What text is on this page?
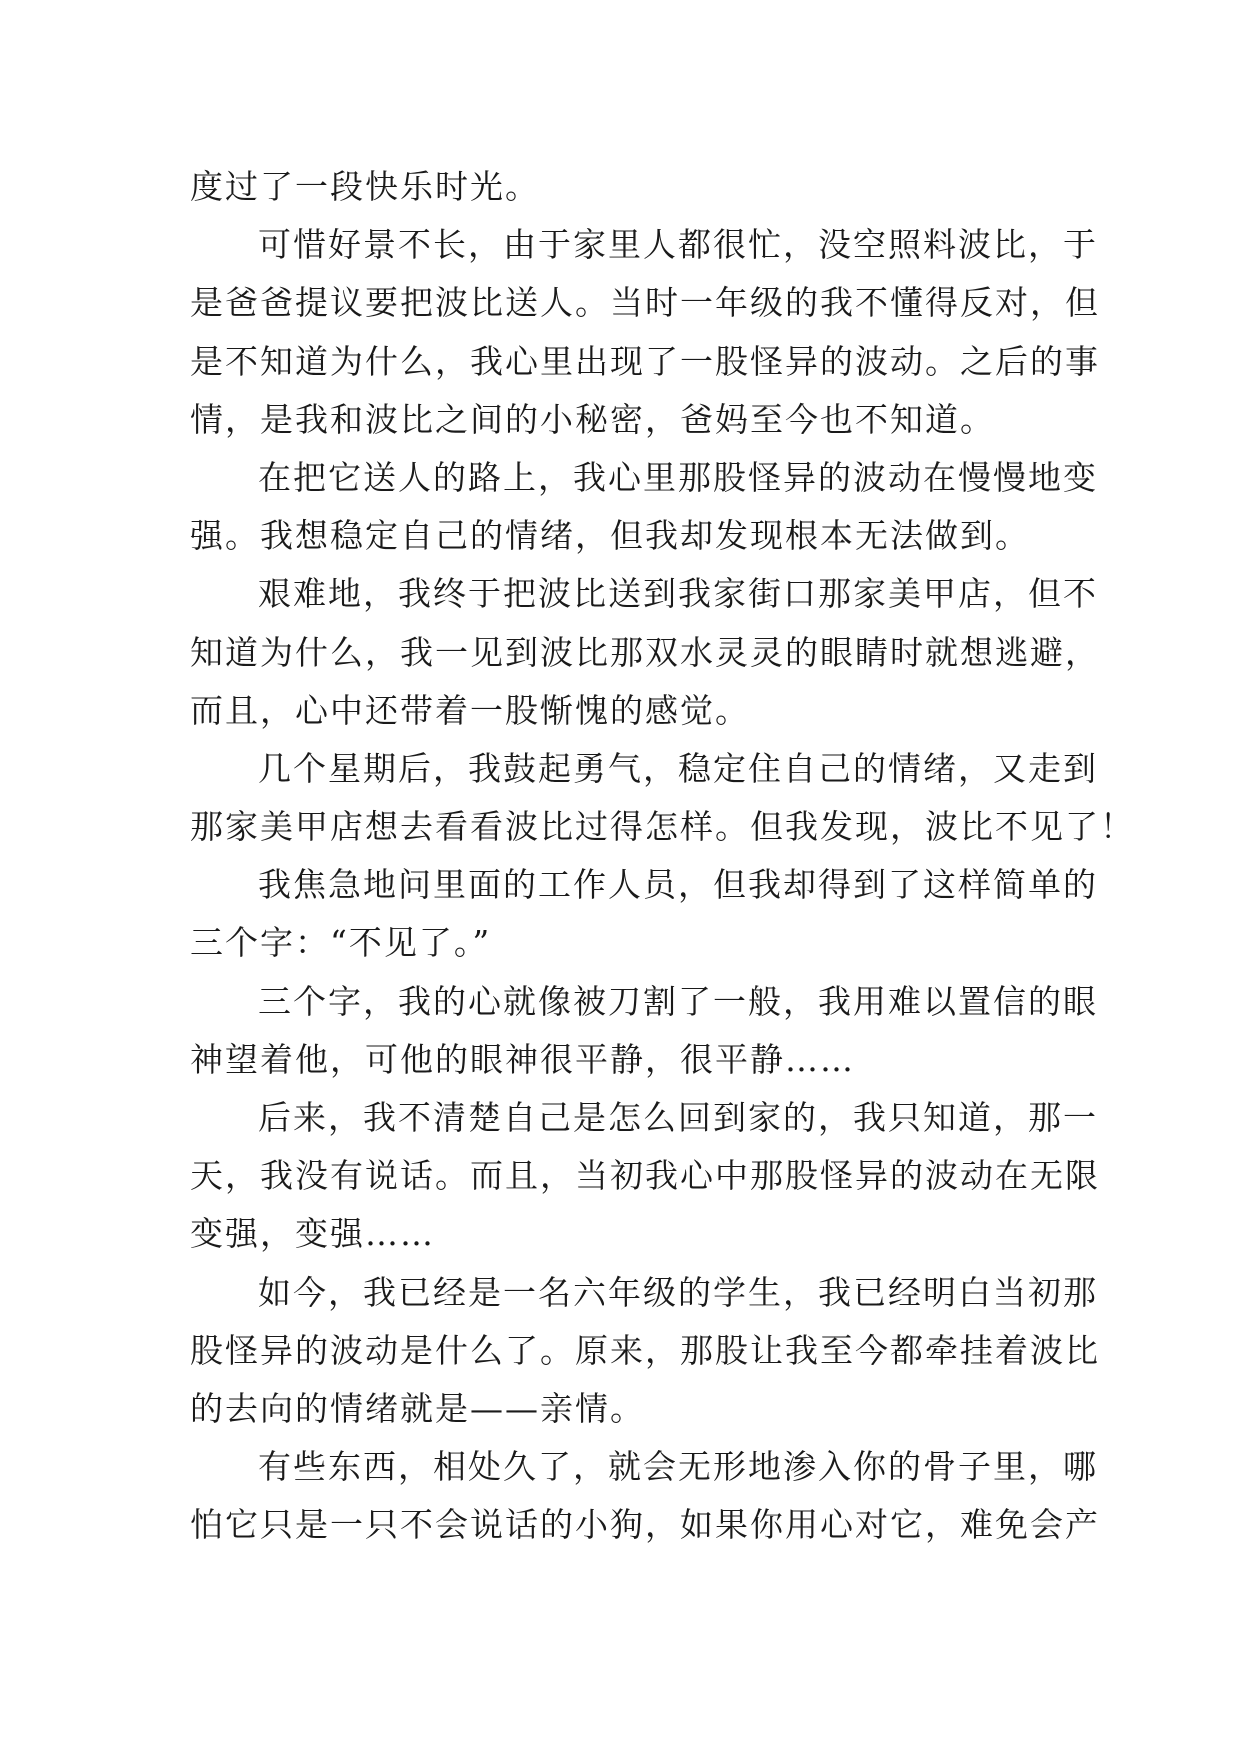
度过了一段快乐时光。
可惜好景不长，由于家里人都很忙，没空照料波比，于
是爸爸提议要把波比送人。当时一年级的我不懂得反对，但
是不知道为什么，我心里出现了一股怪异的波动。之后的事
情，是我和波比之间的小秘密，爸妈至今也不知道。
在把它送人的路上，我心里那股怪异的波动在慢慢地变
强。我想稳定自己的情绪，但我却发现根本无法做到。
艰难地，我终于把波比送到我家街口那家美甲店，但不
知道为什么，我一见到波比那双水灵灵的眼睛时就想逃避，
而且，心中还带着一股惭愧的感觉。
几个星期后，我鼓起勇气，稳定住自己的情绪，又走到
那家美甲店想去看看波比过得怎样。但我发现，波比不见了！
我焦急地问里面的工作人员，但我却得到了这样简单的
三个字：“不见了。”
三个字，我的心就像被刀割了一般，我用难以置信的眼
神望着他，可他的眼神很平静，很平静……
后来，我不清楚自己是怎么回到家的，我只知道，那一
天，我没有说话。而且，当初我心中那股怪异的波动在无限
变强，变强……
如今，我已经是一名六年级的学生，我已经明白当初那
股怪异的波动是什么了。原来，那股让我至今都牵挂着波比
的去向的情绪就是——亲情。
有些东西，相处久了，就会无形地渗入你的骨子里，哪
怕它只是一只不会说话的小狗，如果你用心对它，难免会产
